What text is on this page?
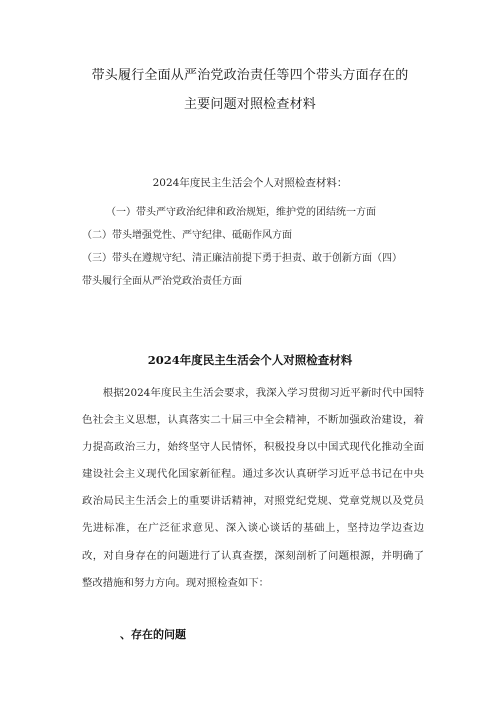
带头履行全面从严治党政治责任等四个带头方面存在的
主要问题对照检查材料
2024年度民主生活会个人对照检查材料：
（一）带头严守政治纪律和政治规矩，维护党的团结统一方面
（二）带头增强党性、严守纪律、砥砺作风方面
（三）带头在遵规守纪、清正廉洁前提下勇于担责、敢于创新方面（四）
带头履行全面从严治党政治责任方面
2024年度民主生活会个人对照检查材料

根据2024年度民主生活会要求，我深入学习贯彻习近平新时代中国特色社会主义思想，认真落实二十届三中全会精神，不断加强政治建设，着力提高政治三力，始终坚守人民情怀，积极投身以中国式现代化推动全面建设社会主义现代化国家新征程。通过多次认真研学习近平总书记在中央政治局民主生活会上的重要讲话精神，对照党纪党规、党章党规以及党员先进标准，在广泛征求意见、深入谈心谈话的基础上，坚持边学边查边改，对自身存在的问题进行了认真查摆，深刻剖析了问题根源，并明确了整改措施和努力方向。现对照检查如下：

、存在的问题
